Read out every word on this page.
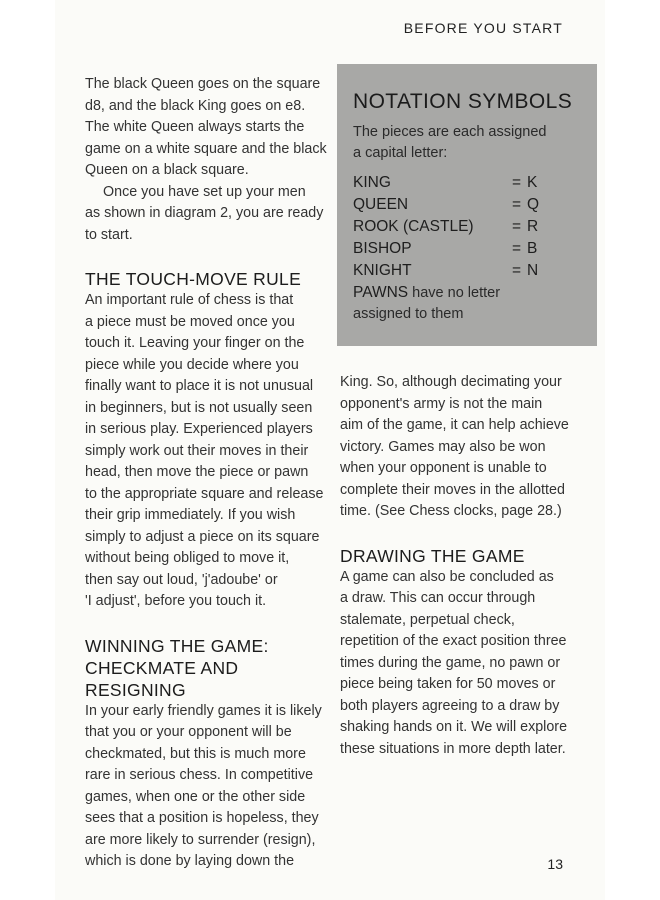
BEFORE YOU START

The black Queen goes on the square
d8, and the black King goes on e8.
The white Queen always starts the
game on a white square and the black
Queen on a black square.

Once you have set up your men
as shown in diagram 2, you are ready
to start.

THE TOUCH-MOVE RULE

An important rule of chess is that
a piece must be moved once you
touch it. Leaving your finger on the
piece while you decide where you
finally want to place it is not unusual
in beginners, but is not usually seen
in serious play. Experienced players
simply work out their moves in their
head, then move the piece or pawn
to the appropriate square and release
their grip immediately. If you wish
simply to adjust a piece on its square
without being obliged to move it,
then say out loud, 'j'adoube' or
'I adjust', before you touch it.

WINNING THE GAME:
CHECKMATE AND RESIGNING

In your early friendly games it is likely
that you or your opponent will be
checkmated, but this is much more
rare in serious chess. In competitive
games, when one or the other side
sees that a position is hopeless, they
are more likely to surrender (resign),
which is done by laying down the

NOTATION SYMBOLS

The pieces are each assigned
a capital letter:

KING	= K
QUEEN	= Q
ROOK (CASTLE)	= R
BISHOP	= B
KNIGHT	= N
PAWNS have no letter
assigned to them

King. So, although decimating your
opponent's army is not the main
aim of the game, it can help achieve
victory. Games may also be won
when your opponent is unable to
complete their moves in the allotted
time. (See Chess clocks, page 28.)

DRAWING THE GAME

A game can also be concluded as
a draw. This can occur through
stalemate, perpetual check,
repetition of the exact position three
times during the game, no pawn or
piece being taken for 50 moves or
both players agreeing to a draw by
shaking hands on it. We will explore
these situations in more depth later.

13
